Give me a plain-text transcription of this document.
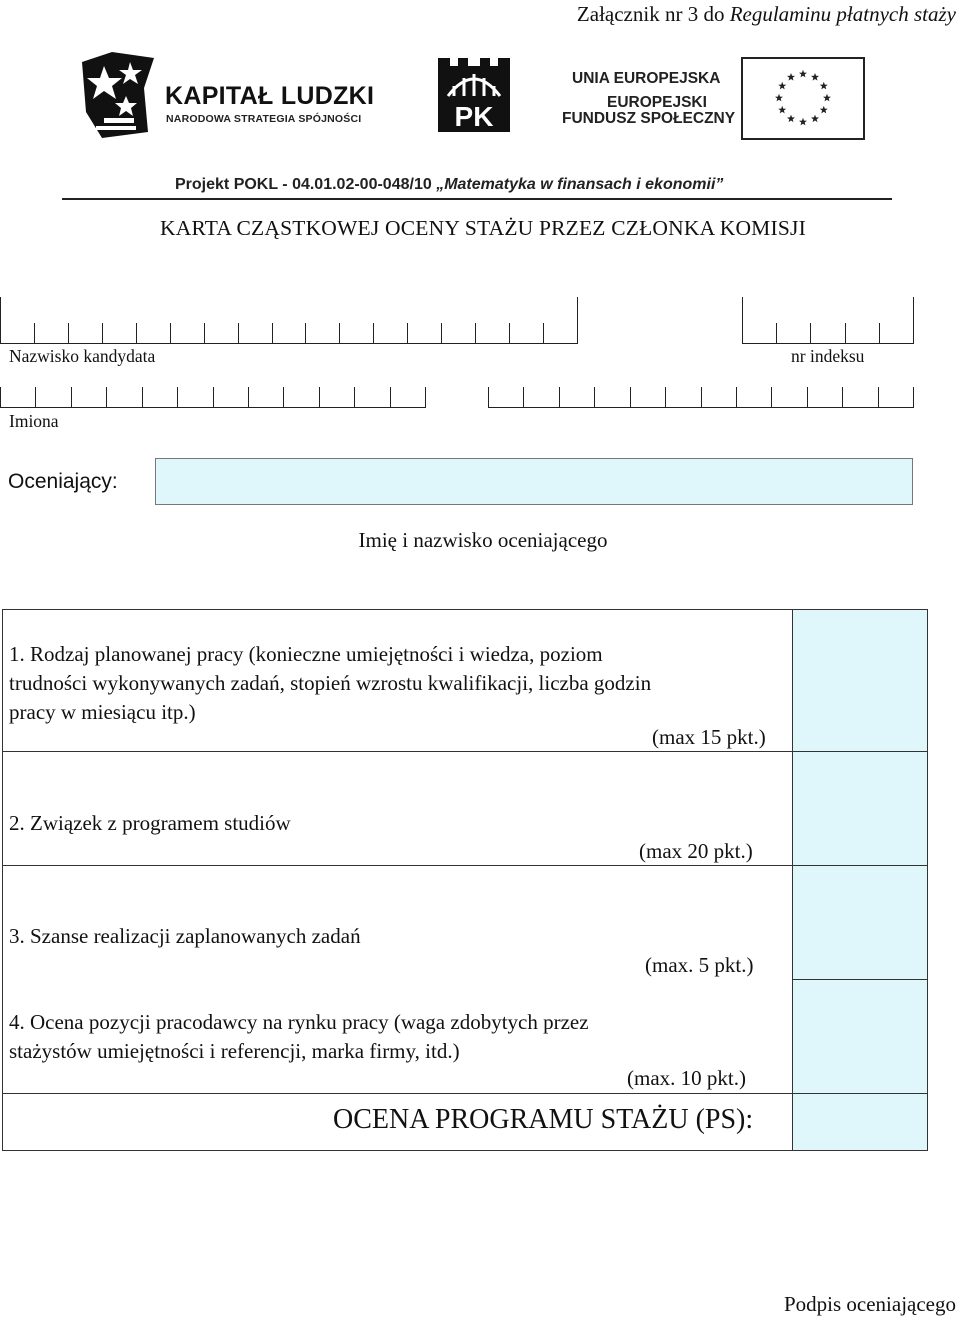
Załącznik nr 3 do Regulaminu płatnych staży
KAPITAŁ LUDZKI
NARODOWA STRATEGIA SPÓJNOŚCI	PK
UNIA EUROPEJSKA
EUROPEJSKI
FUNDUSZ SPOŁECZNY
Projekt POKL - 04.01.02-00-048/10 „Matematyka w finansach i ekonomii”
KARTA CZĄSTKOWEJ OCENY STAŻU PRZEZ CZŁONKA KOMISJI
Nazwisko kandydata	nr indeksu
Imiona
Oceniający:
Imię i nazwisko oceniającego
1. Rodzaj planowanej pracy (konieczne umiejętności i wiedza, poziom
trudności wykonywanych zadań, stopień wzrostu kwalifikacji, liczba godzin
pracy w miesiącu itp.)
(max 15 pkt.)
2. Związek z programem studiów
(max 20 pkt.)
3. Szanse realizacji zaplanowanych zadań
(max. 5 pkt.)
4. Ocena pozycji pracodawcy na rynku pracy (waga zdobytych przez
stażystów umiejętności i referencji, marka firmy, itd.)
(max. 10 pkt.)
OCENA PROGRAMU STAŻU (PS):
Podpis oceniającego
